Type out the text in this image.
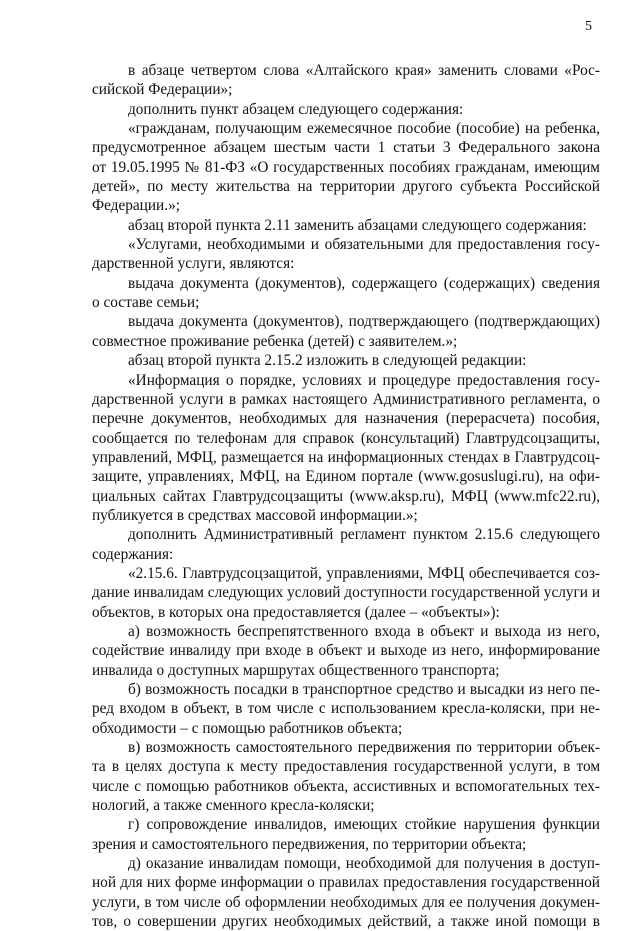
5
в абзаце четвертом слова «Алтайского края» заменить словами «Рос-
сийской Федерации»;
дополнить пункт абзацем следующего содержания:
«гражданам, получающим ежемесячное пособие (пособие) на ребенка,
предусмотренное абзацем шестым части 1 статьи 3 Федерального закона
от 19.05.1995 № 81-ФЗ «О государственных пособиях гражданам, имеющим
детей», по месту жительства на территории другого субъекта Российской
Федерации.»;
абзац второй пункта 2.11 заменить абзацами следующего содержания:
«Услугами, необходимыми и обязательными для предоставления госу-
дарственной услуги, являются:
выдача документа (документов), содержащего (содержащих) сведения
о составе семьи;
выдача документа (документов), подтверждающего (подтверждающих)
совместное проживание ребенка (детей) с заявителем.»;
абзац второй пункта 2.15.2 изложить в следующей редакции:
«Информация о порядке, условиях и процедуре предоставления госу-
дарственной услуги в рамках настоящего Административного регламента, о
перечне документов, необходимых для назначения (перерасчета) пособия,
сообщается по телефонам для справок (консультаций) Главтрудсоцзащиты,
управлений, МФЦ, размещается на информационных стендах в Главтрудсоц-
защите, управлениях, МФЦ, на Едином портале (www.gosuslugi.ru), на офи-
циальных сайтах Главтрудсоцзащиты (www.aksp.ru), МФЦ (www.mfc22.ru),
публикуется в средствах массовой информации.»;
дополнить Административный регламент пунктом 2.15.6 следующего
содержания:
«2.15.6. Главтрудсоцзащитой, управлениями, МФЦ обеспечивается соз-
дание инвалидам следующих условий доступности государственной услуги и
объектов, в которых она предоставляется (далее – «объекты»):
а) возможность беспрепятственного входа в объект и выхода из него,
содействие инвалиду при входе в объект и выходе из него, информирование
инвалида о доступных маршрутах общественного транспорта;
б) возможность посадки в транспортное средство и высадки из него пе-
ред входом в объект, в том числе с использованием кресла-коляски, при не-
обходимости – с помощью работников объекта;
в) возможность самостоятельного передвижения по территории объек-
та в целях доступа к месту предоставления государственной услуги, в том
числе с помощью работников объекта, ассистивных и вспомогательных тех-
нологий, а также сменного кресла-коляски;
г) сопровождение инвалидов, имеющих стойкие нарушения функции
зрения и самостоятельного передвижения, по территории объекта;
д) оказание инвалидам помощи, необходимой для получения в доступ-
ной для них форме информации о правилах предоставления государственной
услуги, в том числе об оформлении необходимых для ее получения докумен-
тов, о совершении других необходимых действий, а также иной помощи в
